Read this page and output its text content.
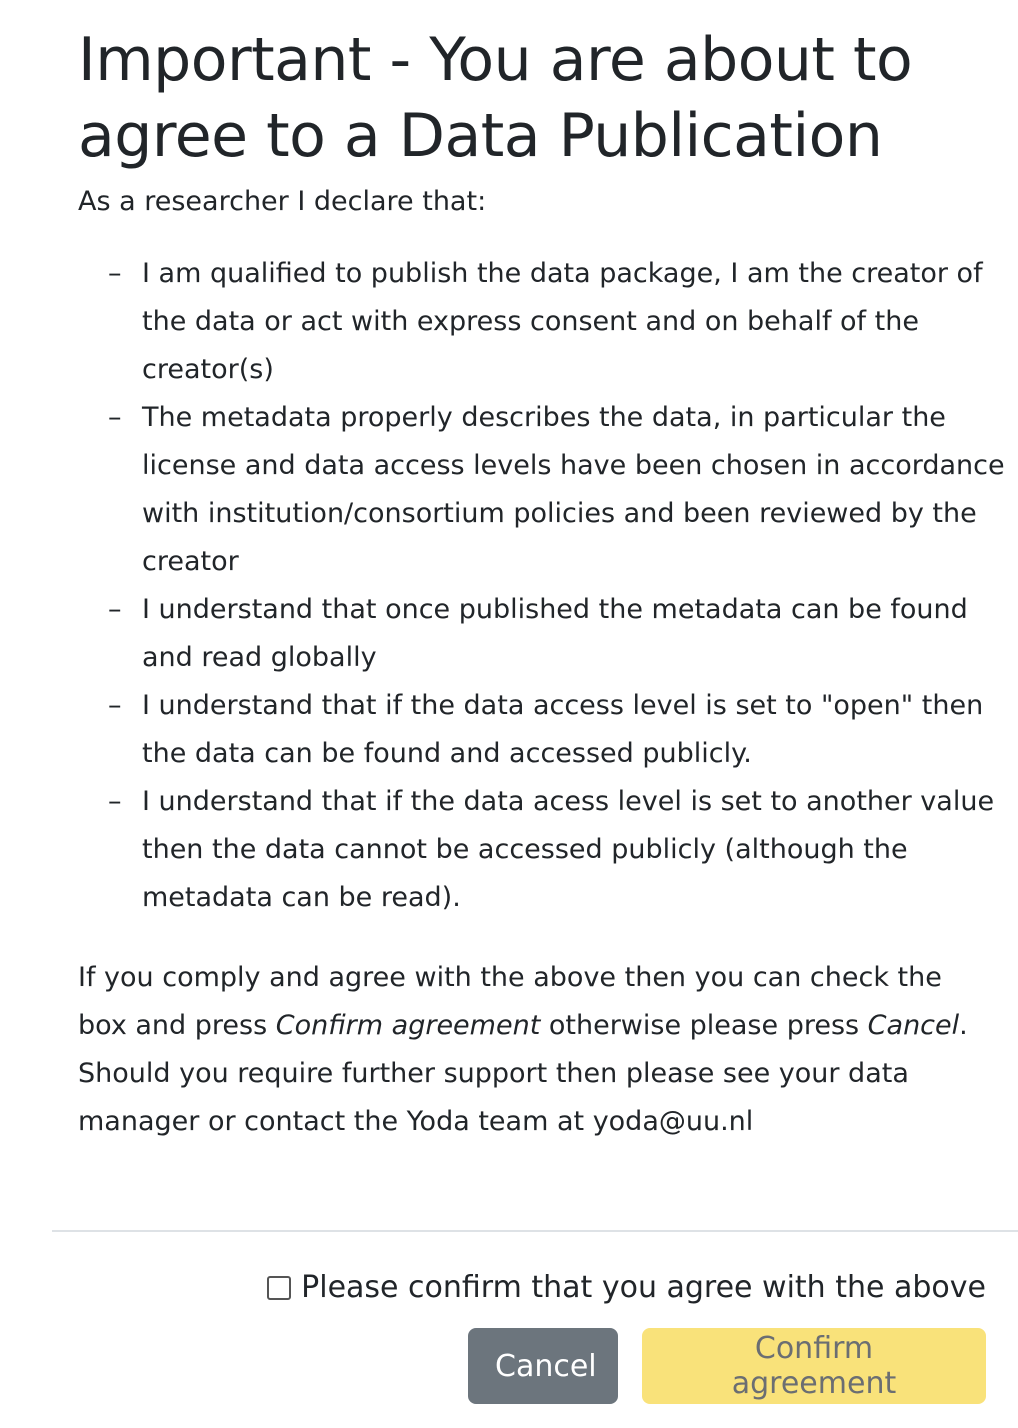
Important - You are about to agree to a Data Publication

As a researcher I declare that:

– I am qualified to publish the data package, I am the creator of the data or act with express consent and on behalf of the creator(s)
– The metadata properly describes the data, in particular the license and data access levels have been chosen in accordance with institution/consortium policies and been reviewed by the creator
– I understand that once published the metadata can be found and read globally
– I understand that if the data access level is set to "open" then the data can be found and accessed publicly.
– I understand that if the data acess level is set to another value then the data cannot be accessed publicly (although the metadata can be read).

If you comply and agree with the above then you can check the box and press Confirm agreement otherwise please press Cancel. Should you require further support then please see your data manager or contact the Yoda team at yoda@uu.nl

Please confirm that you agree with the above
Cancel	Confirm agreement
